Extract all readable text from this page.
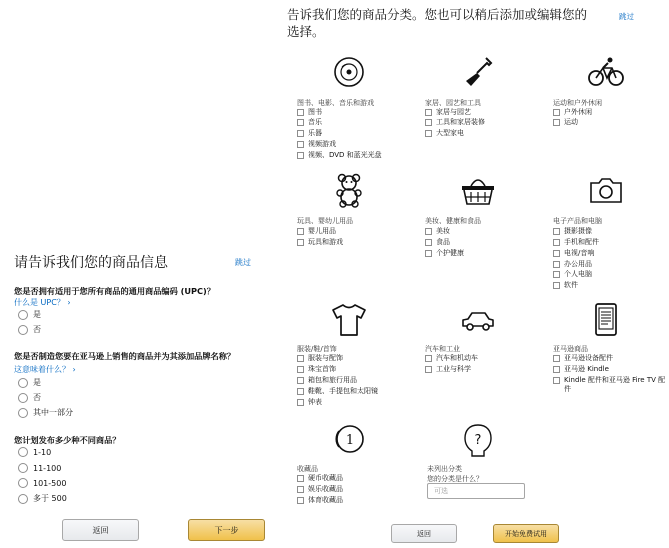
请告诉我们您的商品信息	跳过
您是否拥有适用于您所有商品的通用商品编码 (UPC)？
什么是 UPC？ ›
是
否
您是否制造您要在亚马逊上销售的商品并为其添加品牌名称？
这意味着什么？ ›
是
否
其中一部分
您计划发布多少种不同商品？
1-10
11-100
101-500
多于 500
返回	下一步
告诉我们您的商品分类。您也可以稍后添加或编辑您的选择。
跳过
图书、电影、音乐和游戏
图书
音乐
乐器
视频游戏
视频、DVD 和蓝光光盘
家居、园艺和工具
家居与园艺
工具和家居装修
大型家电
运动和户外休闲
户外休闲
运动
玩具、婴幼儿用品
婴儿用品
玩具和游戏
美妆、健康和食品
美妆
食品
个护健康
电子产品和电脑
摄影摄像
手机和配件
电视/音响
办公用品
个人电脑
软件
服装/鞋/首饰
服装与配饰
珠宝首饰
箱包和旅行用品
鞋靴、手提包和太阳镜
钟表
汽车和工业
汽车和机动车
工业与科学
亚马逊商品
亚马逊设备配件
亚马逊 Kindle
Kindle 配件和亚马逊 Fire TV 配件
1	?
收藏品
硬币收藏品
娱乐收藏品
体育收藏品
未列出分类
您的分类是什么？
可选
返回	开始免费试用
